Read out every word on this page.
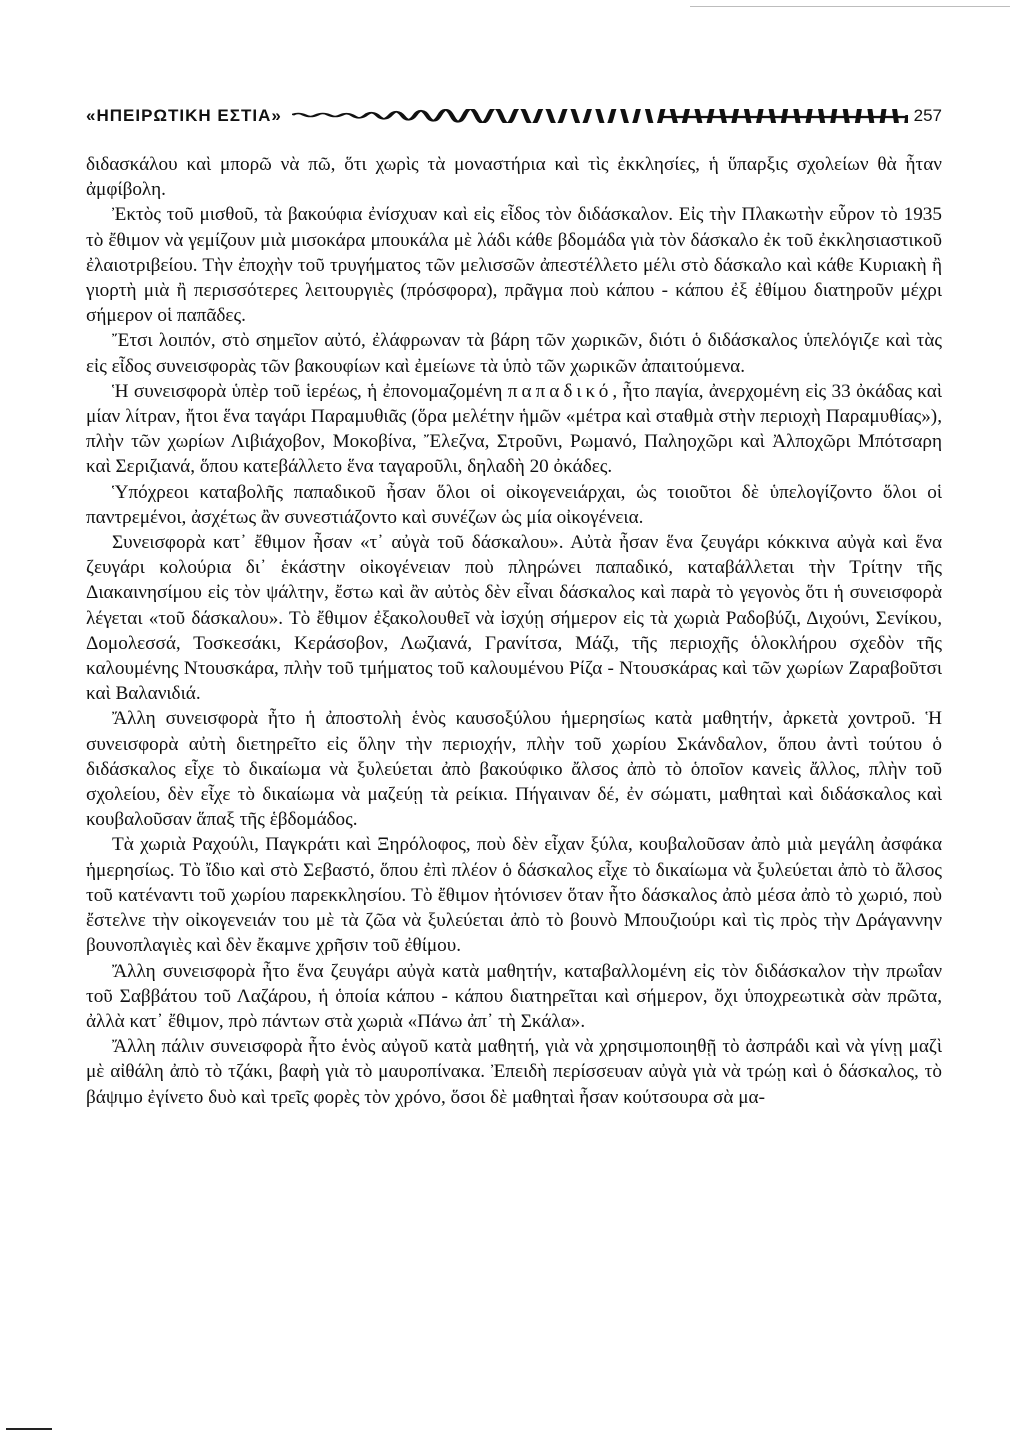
«ΗΠΕΙΡΩΤΙΚΗ ΕΣΤΙΑ»	257

διδασκάλου καὶ μπορῶ νὰ πῶ, ὅτι χωρὶς τὰ μοναστήρια καὶ τὶς ἐκκλησίες, ἡ ὕπαρξις σχολείων θὰ ἦταν ἀμφίβολη.

Ἐκτὸς τοῦ μισθοῦ, τὰ βακούφια ἐνίσχυαν καὶ εἰς εἶδος τὸν διδάσκαλον. Εἰς τὴν Πλακωτὴν εὗρον τὸ 1935 τὸ ἔθιμον νὰ γεμίζουν μιὰ μισοκάρα μπουκάλα μὲ λάδι κάθε βδομάδα γιὰ τὸν δάσκαλο ἐκ τοῦ ἐκκλησιαστικοῦ ἐλαιοτριβείου. Τὴν ἐποχὴν τοῦ τρυγήματος τῶν μελισσῶν ἀπεστέλλετο μέλι στὸ δάσκαλο καὶ κάθε Κυριακὴ ἢ γιορτὴ μιὰ ἢ περισσότερες λειτουργιὲς (πρόσφορα), πρᾶγμα ποὺ κάπου - κάπου ἐξ ἐθίμου διατηροῦν μέχρι σήμερον οἱ παπᾶδες.

Ἔτσι λοιπόν, στὸ σημεῖον αὐτό, ἐλάφρωναν τὰ βάρη τῶν χωρικῶν, διότι ὁ διδάσκαλος ὑπελόγιζε καὶ τὰς εἰς εἶδος συνεισφορὰς τῶν βακουφίων καὶ ἐμείωνε τὰ ὑπὸ τῶν χωρικῶν ἀπαιτούμενα.

Ἡ συνεισφορὰ ὑπὲρ τοῦ ἱερέως, ἡ ἐπονομαζομένη παπαδικό, ἦτο παγία, ἀνερχομένη εἰς 33 ὀκάδας καὶ μίαν λίτραν, ἤτοι ἕνα ταγάρι Παραμυθιᾶς (ὅρα μελέτην ἡμῶν «μέτρα καὶ σταθμὰ στὴν περιοχὴ Παραμυθίας»), πλὴν τῶν χωρίων Λιβιάχοβον, Μοκοβίνα, Ἔλεζνα, Στροῦνι, Ρωμανό, Παληοχῶρι καὶ Ἀλποχῶρι Μπότσαρη καὶ Σεριζιανά, ὅπου κατεβάλλετο ἕνα ταγαροῦλι, δηλαδὴ 20 ὀκάδες.

Ὑπόχρεοι καταβολῆς παπαδικοῦ ἦσαν ὅλοι οἱ οἰκογενειάρχαι, ὡς τοιοῦτοι δὲ ὑπελογίζοντο ὅλοι οἱ παντρεμένοι, ἀσχέτως ἂν συνεστιάζοντο καὶ συνέζων ὡς μία οἰκογένεια.

Συνεισφορὰ κατ᾽ ἔθιμον ἦσαν «τ᾽ αὐγὰ τοῦ δάσκαλου». Αὐτὰ ἦσαν ἕνα ζευγάρι κόκκινα αὐγὰ καὶ ἕνα ζευγάρι κολούρια δι᾽ ἑκάστην οἰκογένειαν ποὺ πληρώνει παπαδικό, καταβάλλεται τὴν Τρίτην τῆς Διακαινησίμου εἰς τὸν ψάλτην, ἔστω καὶ ἂν αὐτὸς δὲν εἶναι δάσκαλος καὶ παρὰ τὸ γεγονὸς ὅτι ἡ συνεισφορὰ λέγεται «τοῦ δάσκαλου». Τὸ ἔθιμον ἐξακολουθεῖ νὰ ἰσχύῃ σήμερον εἰς τὰ χωριὰ Ραδοβύζι, Διχούνι, Σενίκου, Δομολεσσά, Τοσκεσάκι, Κεράσοβον, Λωζιανά, Γρανίτσα, Μάζι, τῆς περιοχῆς ὁλοκλήρου σχεδὸν τῆς καλουμένης Ντουσκάρα, πλὴν τοῦ τμήματος τοῦ καλουμένου Ρίζα - Ντουσκάρας καὶ τῶν χωρίων Ζαραβοῦτσι καὶ Βαλανιδιά.

Ἄλλη συνεισφορὰ ἦτο ἡ ἀποστολὴ ἑνὸς καυσοξύλου ἡμερησίως κατὰ μαθητήν, ἀρκετὰ χοντροῦ. Ἡ συνεισφορὰ αὐτὴ διετηρεῖτο εἰς ὅλην τὴν περιοχήν, πλὴν τοῦ χωρίου Σκάνδαλον, ὅπου ἀντὶ τούτου ὁ διδάσκαλος εἶχε τὸ δικαίωμα νὰ ξυλεύεται ἀπὸ βακούφικο ἄλσος ἀπὸ τὸ ὁποῖον κανεὶς ἄλλος, πλὴν τοῦ σχολείου, δὲν εἶχε τὸ δικαίωμα νὰ μαζεύῃ τὰ ρείκια. Πήγαιναν δέ, ἐν σώματι, μαθηταὶ καὶ διδάσκαλος καὶ κουβαλοῦσαν ἅπαξ τῆς ἑβδομάδος.

Τὰ χωριὰ Ραχούλι, Παγκράτι καὶ Ξηρόλοφος, ποὺ δὲν εἶχαν ξύλα, κουβαλοῦσαν ἀπὸ μιὰ μεγάλη ἀσφάκα ἡμερησίως. Τὸ ἴδιο καὶ στὸ Σεβαστό, ὅπου ἐπὶ πλέον ὁ δάσκαλος εἶχε τὸ δικαίωμα νὰ ξυλεύεται ἀπὸ τὸ ἄλσος τοῦ κατέναντι τοῦ χωρίου παρεκκλησίου. Τὸ ἔθιμον ἠτόνισεν ὅταν ἦτο δάσκαλος ἀπὸ μέσα ἀπὸ τὸ χωριό, ποὺ ἔστελνε τὴν οἰκογενειάν του μὲ τὰ ζῶα νὰ ξυλεύεται ἀπὸ τὸ βουνὸ Μπουζιούρι καὶ τὶς πρὸς τὴν Δράγαννην βουνοπλαγιὲς καὶ δὲν ἔκαμνε χρῆσιν τοῦ ἐθίμου.

Ἄλλη συνεισφορὰ ἦτο ἕνα ζευγάρι αὐγὰ κατὰ μαθητήν, καταβαλλομένη εἰς τὸν διδάσκαλον τὴν πρωΐαν τοῦ Σαββάτου τοῦ Λαζάρου, ἡ ὁποία κάπου - κάπου διατηρεῖται καὶ σήμερον, ὄχι ὑποχρεωτικὰ σὰν πρῶτα, ἀλλὰ κατ᾽ ἔθιμον, πρὸ πάντων στὰ χωριὰ «Πάνω ἀπ᾽ τὴ Σκάλα».

Ἄλλη πάλιν συνεισφορὰ ἦτο ἑνὸς αὐγοῦ κατὰ μαθητή, γιὰ νὰ χρησιμοποιηθῇ τὸ ἀσπράδι καὶ νὰ γίνῃ μαζὶ μὲ αἰθάλη ἀπὸ τὸ τζάκι, βαφὴ γιὰ τὸ μαυροπίνακα. Ἐπειδὴ περίσσευαν αὐγὰ γιὰ νὰ τρώῃ καὶ ὁ δάσκαλος, τὸ βάψιμο ἐγίνετο δυὸ καὶ τρεῖς φορὲς τὸν χρόνο, ὅσοι δὲ μαθηταὶ ἦσαν κούτσουρα σὰ μα-
